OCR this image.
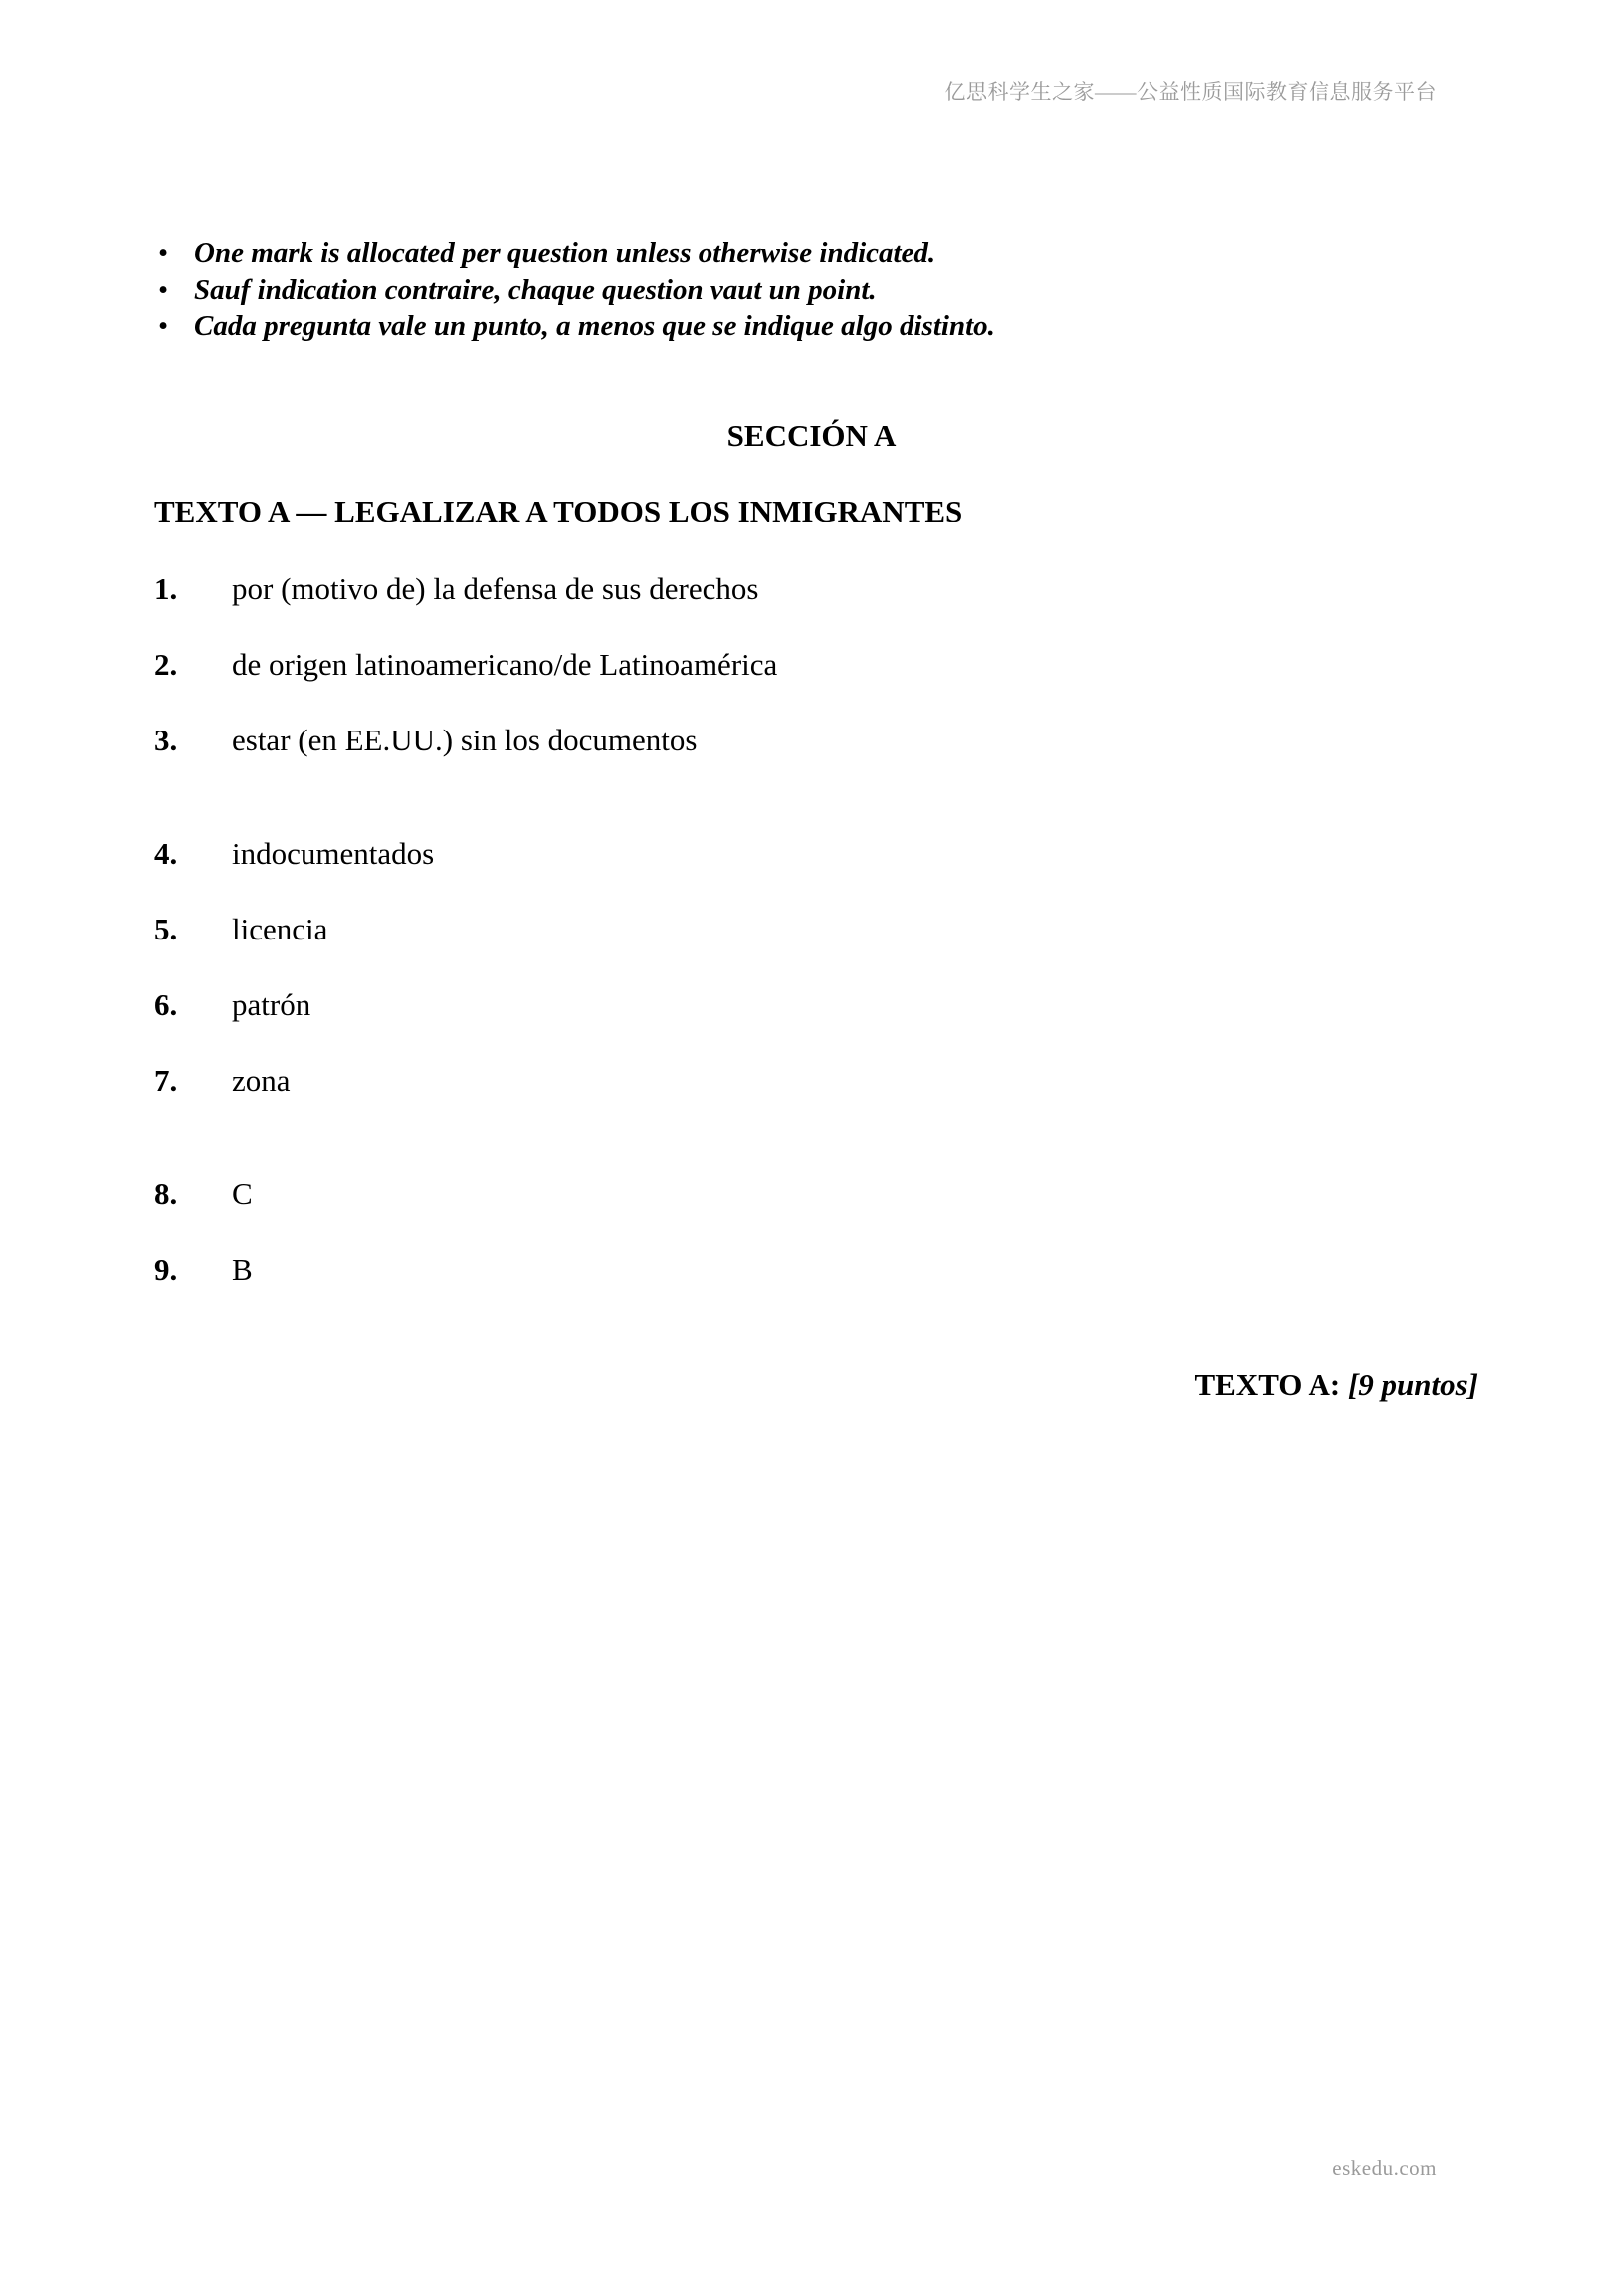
亿思科学生之家——公益性质国际教育信息服务平台
• One mark is allocated per question unless otherwise indicated.
• Sauf indication contraire, chaque question vaut un point.
• Cada pregunta vale un punto, a menos que se indique algo distinto.
SECCIÓN A
TEXTO A — LEGALIZAR A TODOS LOS INMIGRANTES
1. por (motivo de) la defensa de sus derechos
2. de origen latinoamericano/de Latinoamérica
3. estar (en EE.UU.) sin los documentos
4. indocumentados
5. licencia
6. patrón
7. zona
8. C
9. B
TEXTO A: [9 puntos]
eskedu.com
